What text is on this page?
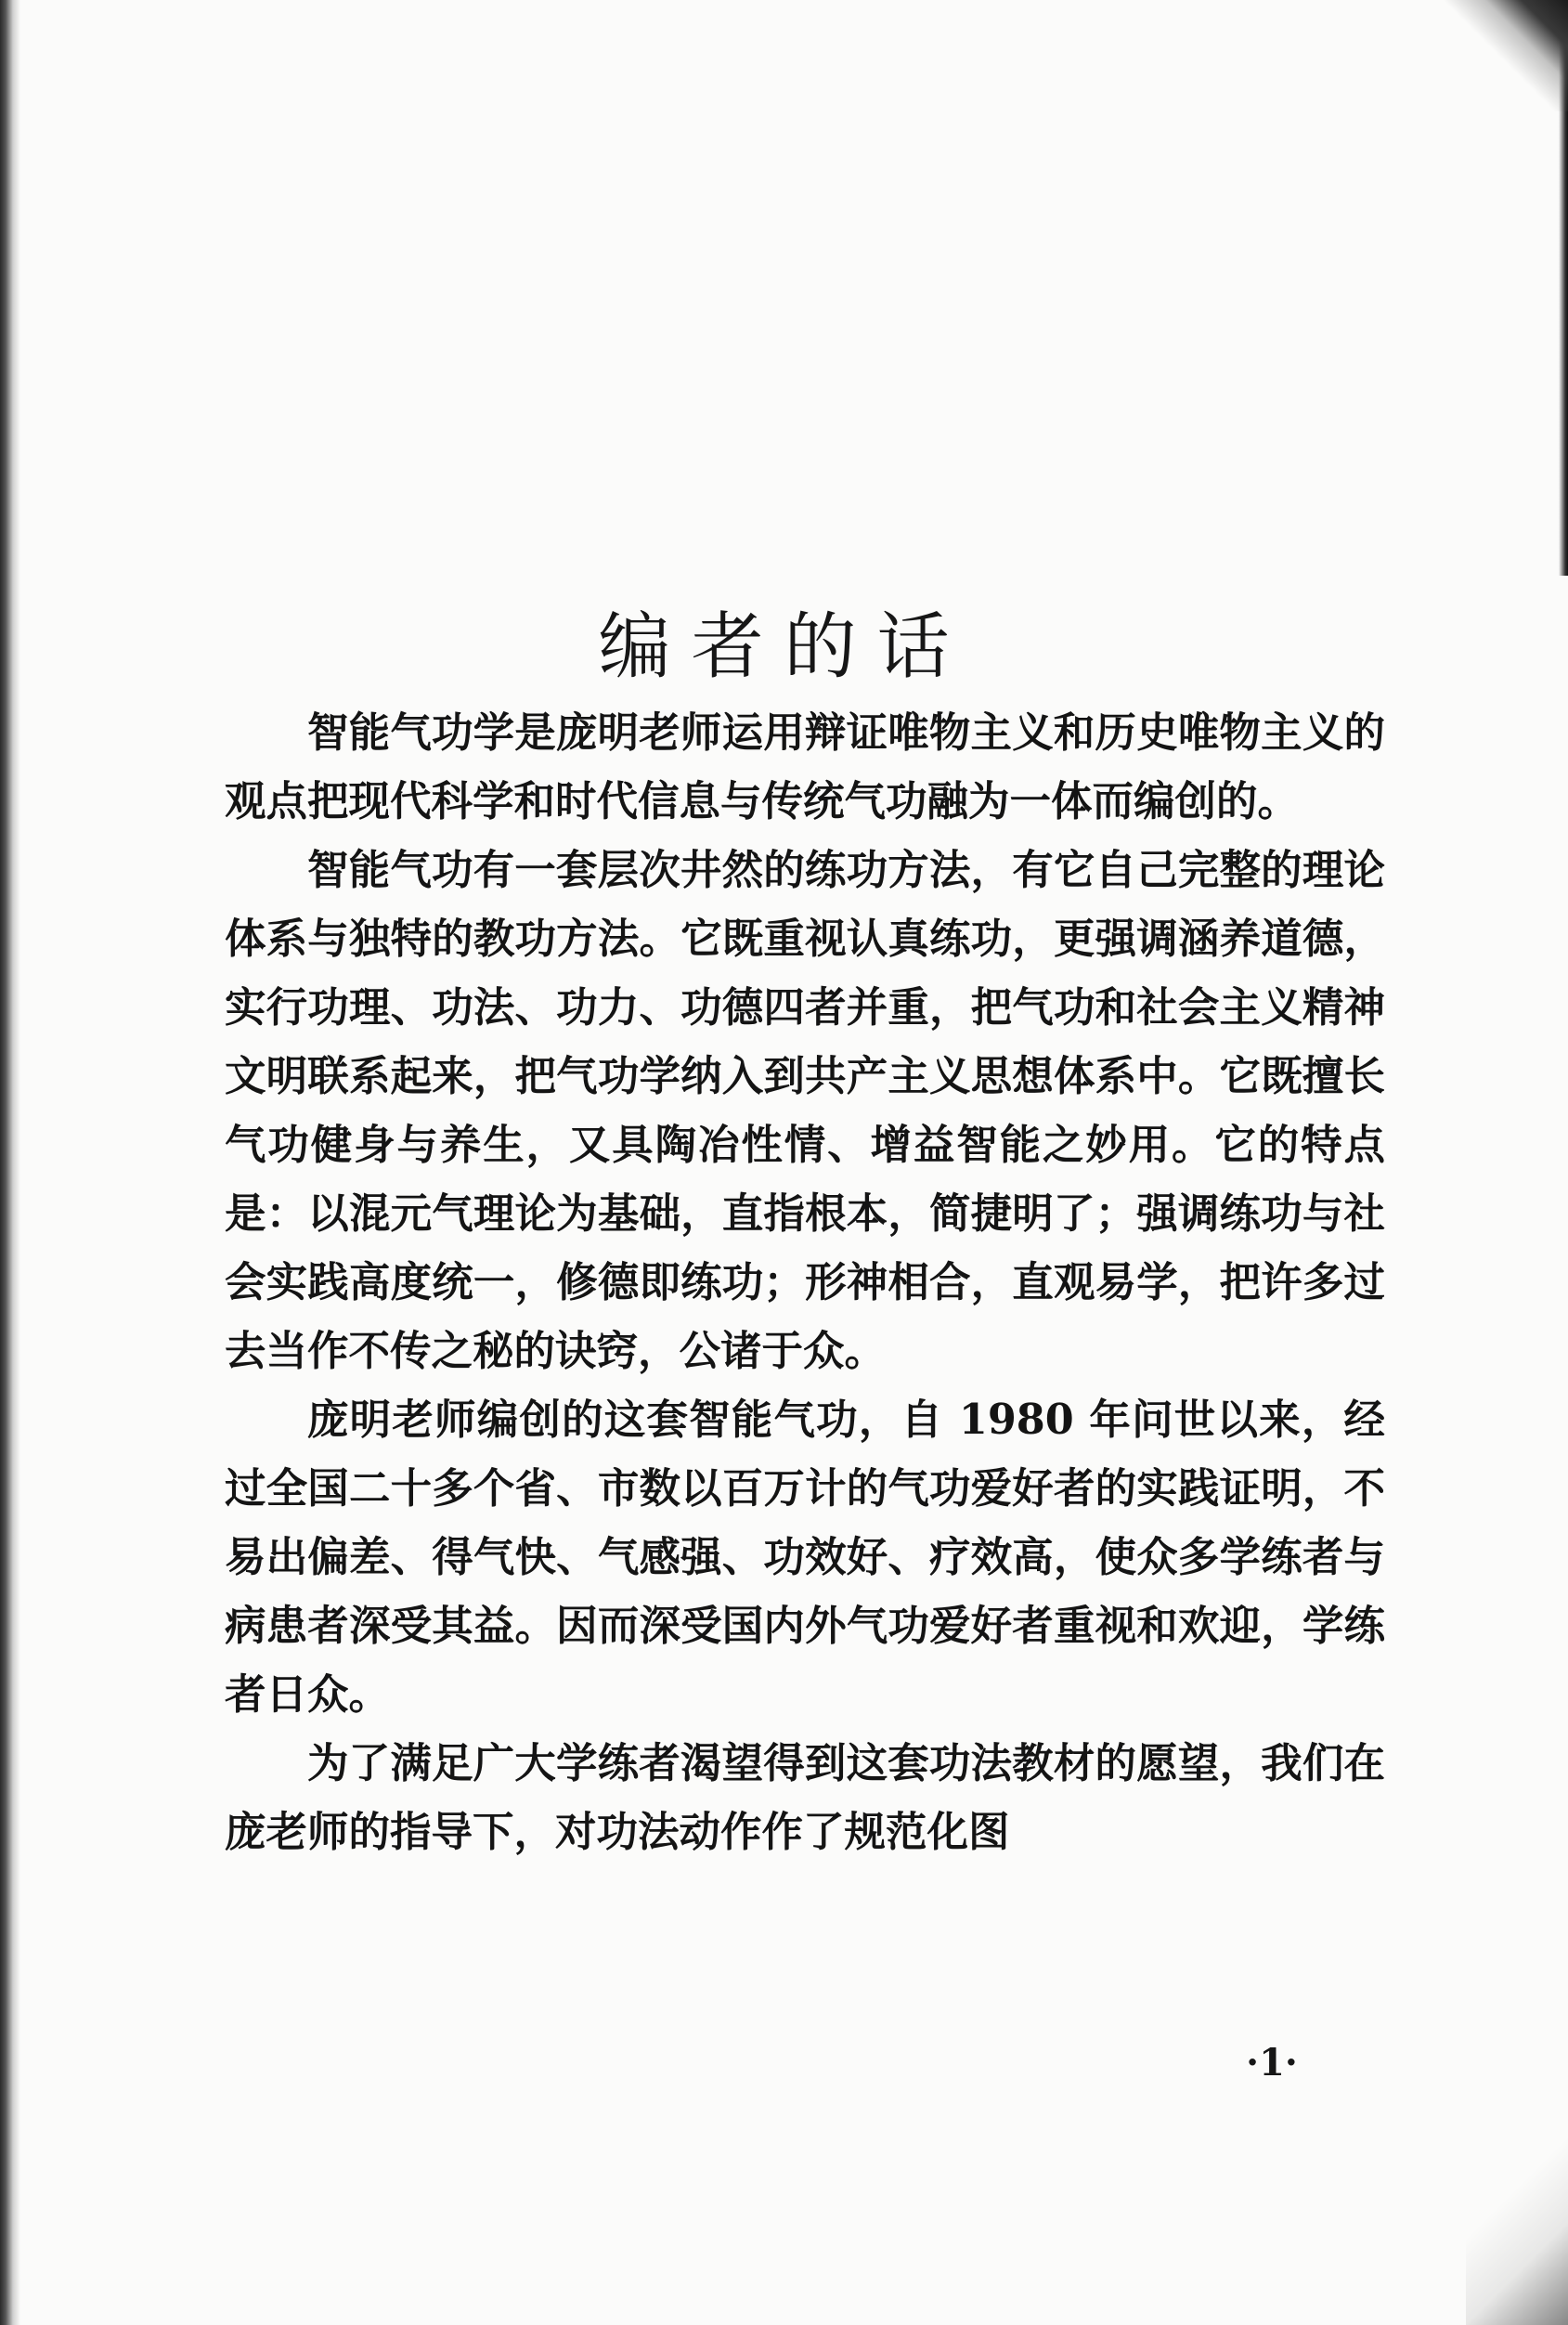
编者的话

智能气功学是庞明老师运用辩证唯物主义和历史唯物主义的观点把现代科学和时代信息与传统气功融为一体而编创的。

智能气功有一套层次井然的练功方法，有它自己完整的理论体系与独特的教功方法。它既重视认真练功，更强调涵养道德，实行功理、功法、功力、功德四者并重，把气功和社会主义精神文明联系起来，把气功学纳入到共产主义思想体系中。它既擅长气功健身与养生，又具陶冶性情、增益智能之妙用。它的特点是：以混元气理论为基础，直指根本，简捷明了；强调练功与社会实践高度统一，修德即练功；形神相合，直观易学，把许多过去当作不传之秘的诀窍，公诸于众。

庞明老师编创的这套智能气功，自 1980 年问世以来，经过全国二十多个省、市数以百万计的气功爱好者的实践证明，不易出偏差、得气快、气感强、功效好、疗效高，使众多学练者与病患者深受其益。因而深受国内外气功爱好者重视和欢迎，学练者日众。

为了满足广大学练者渴望得到这套功法教材的愿望，我们在庞老师的指导下，对功法动作作了规范化图

·1·
